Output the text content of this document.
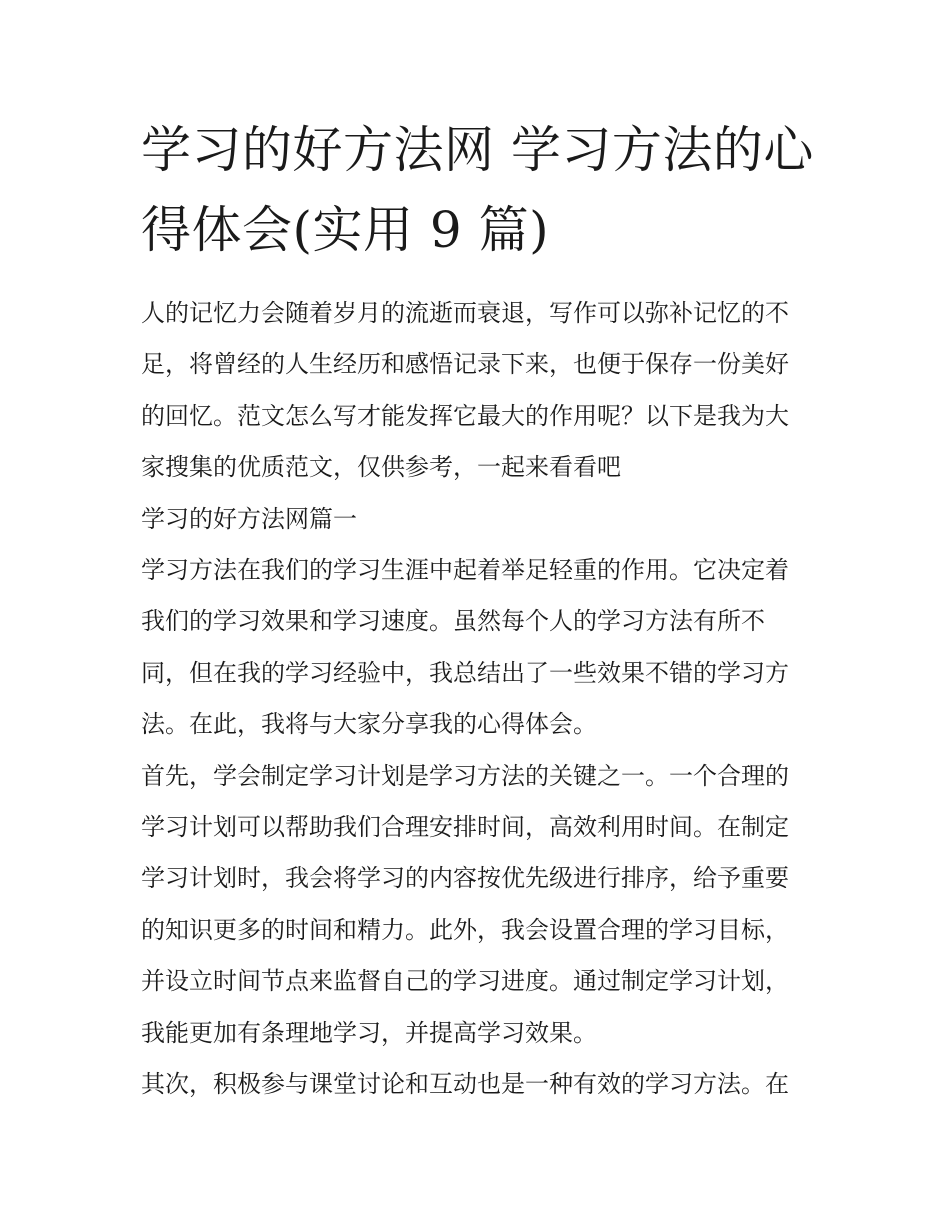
学习的好方法网 学习方法的心
得体会(实用 9 篇)

人的记忆力会随着岁月的流逝而衰退，写作可以弥补记忆的不
足，将曾经的人生经历和感悟记录下来，也便于保存一份美好
的回忆。范文怎么写才能发挥它最大的作用呢？以下是我为大
家搜集的优质范文，仅供参考，一起来看看吧

学习的好方法网篇一

学习方法在我们的学习生涯中起着举足轻重的作用。它决定着
我们的学习效果和学习速度。虽然每个人的学习方法有所不
同，但在我的学习经验中，我总结出了一些效果不错的学习方
法。在此，我将与大家分享我的心得体会。

首先，学会制定学习计划是学习方法的关键之一。一个合理的
学习计划可以帮助我们合理安排时间，高效利用时间。在制定
学习计划时，我会将学习的内容按优先级进行排序，给予重要
的知识更多的时间和精力。此外，我会设置合理的学习目标，
并设立时间节点来监督自己的学习进度。通过制定学习计划，
我能更加有条理地学习，并提高学习效果。

其次，积极参与课堂讨论和互动也是一种有效的学习方法。在
